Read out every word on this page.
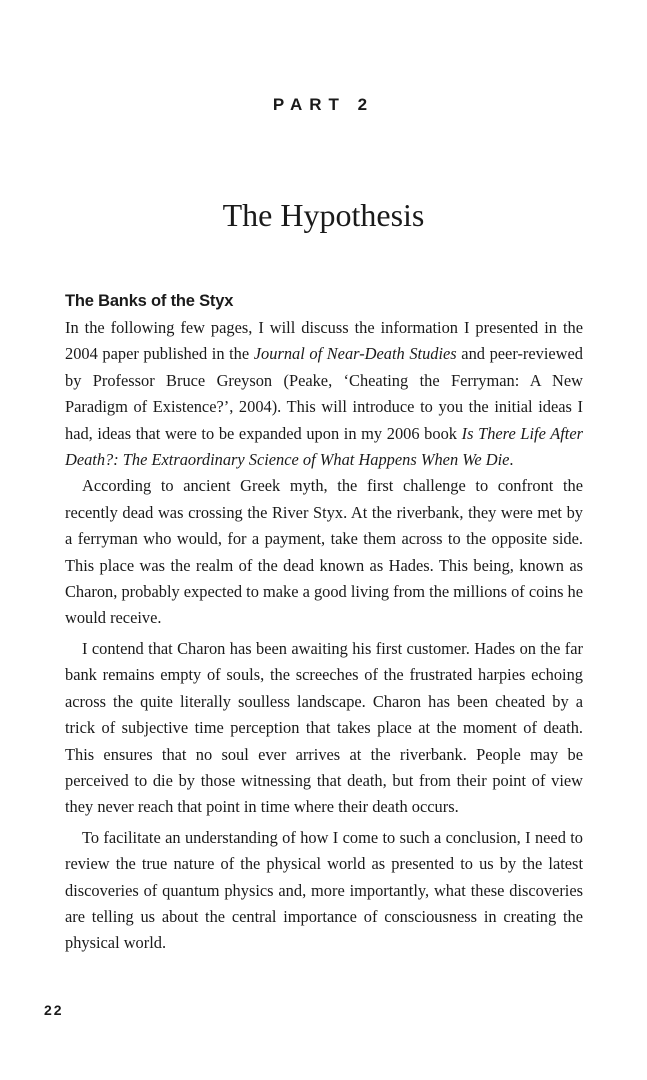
PART 2
The Hypothesis
The Banks of the Styx

In the following few pages, I will discuss the information I presented in the 2004 paper published in the Journal of Near-Death Studies and peer-reviewed by Professor Bruce Greyson (Peake, ‘Cheating the Ferryman: A New Paradigm of Existence?’, 2004). This will introduce to you the initial ideas I had, ideas that were to be expanded upon in my 2006 book Is There Life After Death?: The Extraordinary Science of What Happens When We Die.

According to ancient Greek myth, the first challenge to confront the recently dead was crossing the River Styx. At the riverbank, they were met by a ferryman who would, for a payment, take them across to the opposite side. This place was the realm of the dead known as Hades. This being, known as Charon, probably expected to make a good living from the millions of coins he would receive.

I contend that Charon has been awaiting his first customer. Hades on the far bank remains empty of souls, the screeches of the frustrated harpies echoing across the quite literally soulless landscape. Charon has been cheated by a trick of subjective time perception that takes place at the moment of death. This ensures that no soul ever arrives at the riverbank. People may be perceived to die by those witnessing that death, but from their point of view they never reach that point in time where their death occurs.

To facilitate an understanding of how I come to such a conclusion, I need to review the true nature of the physical world as presented to us by the latest discoveries of quantum physics and, more importantly, what these discoveries are telling us about the central importance of consciousness in creating the physical world.

22
